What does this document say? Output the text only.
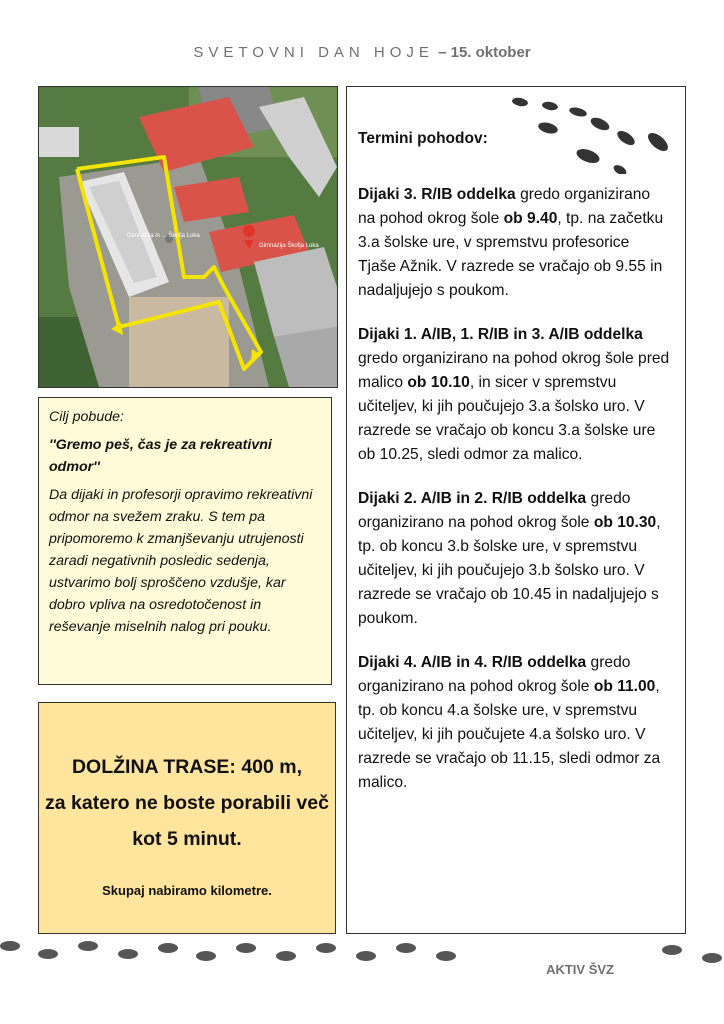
SVETOVNI DAN HOJE – 15. oktober
Gimnazija in ... Škofja Loka
Gimnazija Škofja Loka

Cilj pobude:

''Gremo peš, čas je za rekreativni odmor''

Da dijaki in profesorji opravimo rekreativni odmor na svežem zraku. S tem pa pripomoremo k zmanjševanju utrujenosti zaradi negativnih posledic sedenja, ustvarimo bolj sproščeno vzdušje, kar dobro vpliva na osredotočenost in reševanje miselnih nalog pri pouku.

DOLŽINA TRASE: 400 m,
za katero ne boste porabili več kot 5 minut.
Skupaj nabiramo kilometre.
Termini pohodov:

Dijaki 3. R/IB oddelka gredo organizirano na pohod okrog šole ob 9.40, tp. na začetku 3.a šolske ure, v spremstvu profesorice Tjaše Ažnik. V razrede se vračajo ob 9.55 in nadaljujejo s poukom.

Dijaki 1. A/IB, 1. R/IB in 3. A/IB oddelka gredo organizirano na pohod okrog šole pred malico ob 10.10, in sicer v spremstvu učiteljev, ki jih poučujejo 3.a šolsko uro. V razrede se vračajo ob koncu 3.a šolske ure ob 10.25, sledi odmor za malico.

Dijaki 2. A/IB in 2. R/IB oddelka gredo organizirano na pohod okrog šole ob 10.30, tp. ob koncu 3.b šolske ure, v spremstvu učiteljev, ki jih poučujejo 3.b šolsko uro. V razrede se vračajo ob 10.45 in nadaljujejo s poukom.

Dijaki 4. A/IB in 4. R/IB oddelka gredo organizirano na pohod okrog šole ob 11.00, tp. ob koncu 4.a šolske ure, v spremstvu učiteljev, ki jih poučujete 4.a šolsko uro. V razrede se vračajo ob 11.15, sledi odmor za malico.

AKTIV ŠVZ
